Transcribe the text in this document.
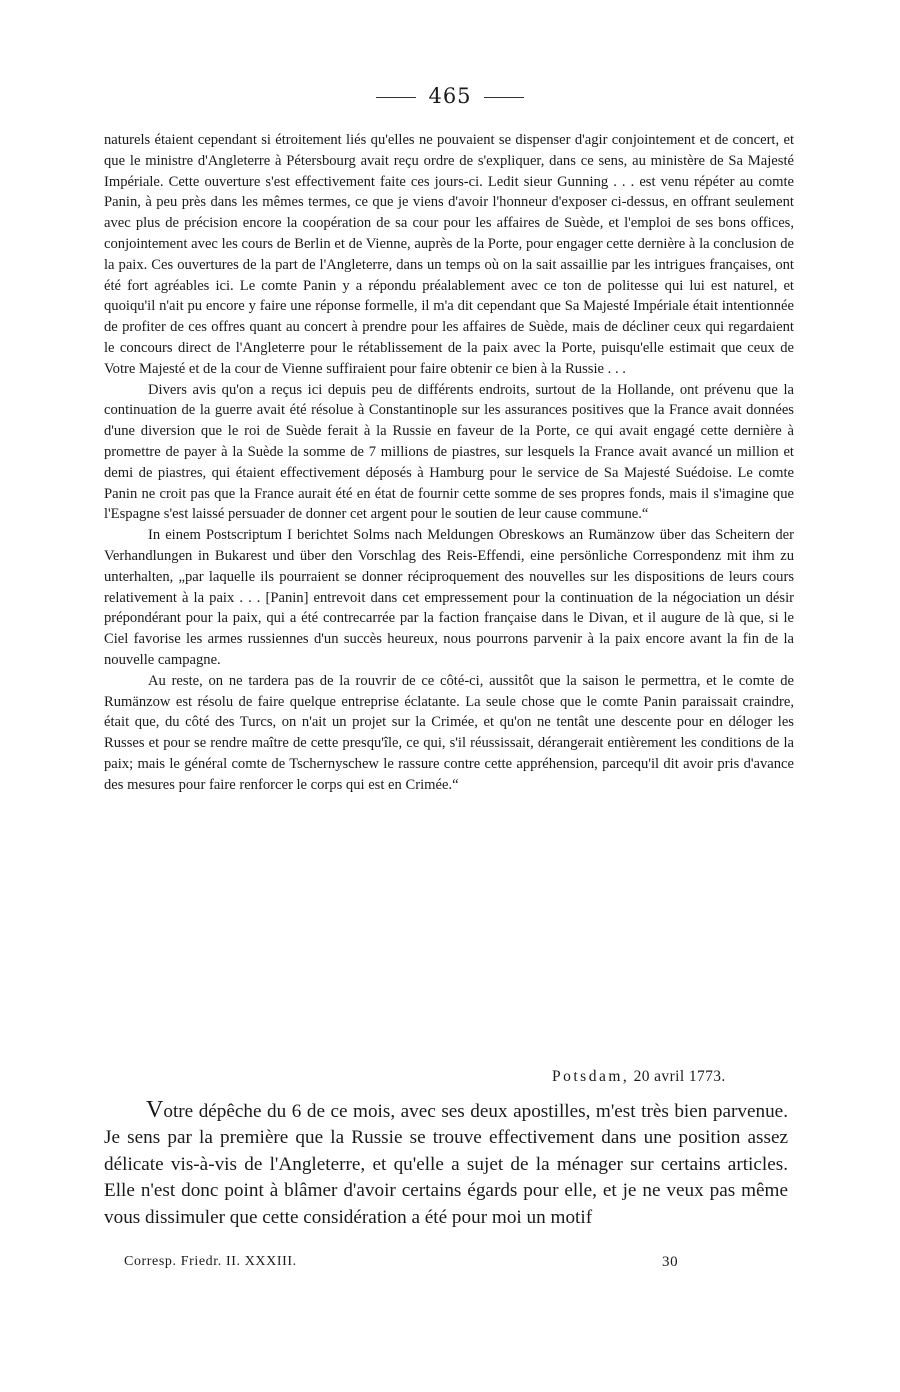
465

naturels étaient cependant si étroitement liés qu'elles ne pouvaient se dispenser d'agir conjointement et de concert, et que le ministre d'Angleterre à Pétersbourg avait reçu ordre de s'expliquer, dans ce sens, au ministère de Sa Majesté Impériale. Cette ouverture s'est effectivement faite ces jours-ci. Ledit sieur Gunning . . . est venu répéter au comte Panin, à peu près dans les mêmes termes, ce que je viens d'avoir l'honneur d'exposer ci-dessus, en offrant seulement avec plus de précision encore la coopération de sa cour pour les affaires de Suède, et l'emploi de ses bons offices, conjointement avec les cours de Berlin et de Vienne, auprès de la Porte, pour engager cette dernière à la conclusion de la paix. Ces ouvertures de la part de l'Angleterre, dans un temps où on la sait assaillie par les intrigues françaises, ont été fort agréables ici. Le comte Panin y a répondu préalablement avec ce ton de politesse qui lui est naturel, et quoiqu'il n'ait pu encore y faire une réponse formelle, il m'a dit cependant que Sa Majesté Impériale était intentionnée de profiter de ces offres quant au concert à prendre pour les affaires de Suède, mais de décliner ceux qui regardaient le concours direct de l'Angleterre pour le rétablissement de la paix avec la Porte, puisqu'elle estimait que ceux de Votre Majesté et de la cour de Vienne suffiraient pour faire obtenir ce bien à la Russie . . .

Divers avis qu'on a reçus ici depuis peu de différents endroits, surtout de la Hollande, ont prévenu que la continuation de la guerre avait été résolue à Constantinople sur les assurances positives que la France avait données d'une diversion que le roi de Suède ferait à la Russie en faveur de la Porte, ce qui avait engagé cette dernière à promettre de payer à la Suède la somme de 7 millions de piastres, sur lesquels la France avait avancé un million et demi de piastres, qui étaient effectivement déposés à Hamburg pour le service de Sa Majesté Suédoise. Le comte Panin ne croit pas que la France aurait été en état de fournir cette somme de ses propres fonds, mais il s'imagine que l'Espagne s'est laissé persuader de donner cet argent pour le soutien de leur cause commune.“

In einem Postscriptum I berichtet Solms nach Meldungen Obreskows an Rumänzow über das Scheitern der Verhandlungen in Bukarest und über den Vorschlag des Reis-Effendi, eine persönliche Correspondenz mit ihm zu unterhalten, „par laquelle ils pourraient se donner réciproquement des nouvelles sur les dispositions de leurs cours relativement à la paix . . . [Panin] entrevoit dans cet empressement pour la continuation de la négociation un désir prépondérant pour la paix, qui a été contrecarrée par la faction française dans le Divan, et il augure de là que, si le Ciel favorise les armes russiennes d'un succès heureux, nous pourrons parvenir à la paix encore avant la fin de la nouvelle campagne.

Au reste, on ne tardera pas de la rouvrir de ce côté-ci, aussitôt que la saison le permettra, et le comte de Rumänzow est résolu de faire quelque entreprise éclatante. La seule chose que le comte Panin paraissait craindre, était que, du côté des Turcs, on n'ait un projet sur la Crimée, et qu'on ne tentât une descente pour en déloger les Russes et pour se rendre maître de cette presqu'île, ce qui, s'il réussissait, dérangerait entièrement les conditions de la paix; mais le général comte de Tschernyschew le rassure contre cette appréhension, parcequ'il dit avoir pris d'avance des mesures pour faire renforcer le corps qui est en Crimée.“

Potsdam, 20 avril 1773.

Votre dépêche du 6 de ce mois, avec ses deux apostilles, m'est très bien parvenue. Je sens par la première que la Russie se trouve effectivement dans une position assez délicate vis-à-vis de l'Angleterre, et qu'elle a sujet de la ménager sur certains articles. Elle n'est donc point à blâmer d'avoir certains égards pour elle, et je ne veux pas même vous dissimuler que cette considération a été pour moi un motif

Corresp. Friedr. II. XXXIII.	30
